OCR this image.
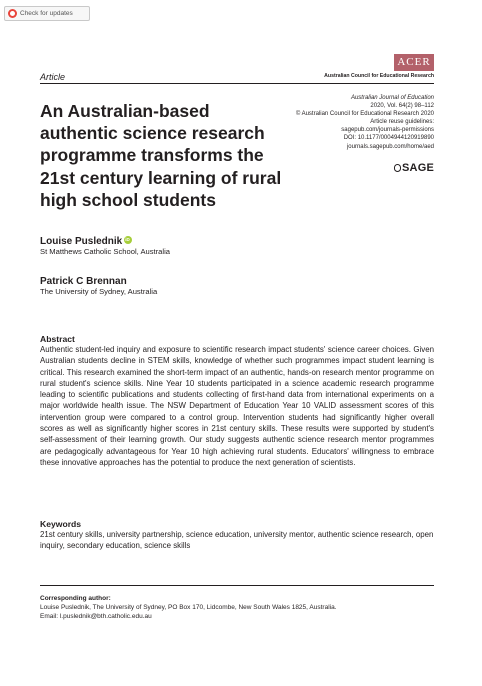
Check for updates
Article
ACER
Australian Council for Educational Research
An Australian-based authentic science research programme transforms the 21st century learning of rural high school students
Australian Journal of Education
2020, Vol. 64(2) 98–112
© Australian Council for Educational Research 2020
Article reuse guidelines:
sagepub.com/journals-permissions
DOI: 10.1177/0004944120919890
journals.sagepub.com/home/aed
SAGE
Louise PuslednikiD
St Matthews Catholic School, Australia
Patrick C Brennan
The University of Sydney, Australia
Abstract
Authentic student-led inquiry and exposure to scientific research impact students' science career choices. Given Australian students decline in STEM skills, knowledge of whether such programmes impact student learning is critical. This research examined the short-term impact of an authentic, hands-on research mentor programme on rural student's science skills. Nine Year 10 students participated in a science academic research programme leading to scientific publications and students collecting of first-hand data from international experiments on a major worldwide health issue. The NSW Department of Education Year 10 VALID assessment scores of this intervention group were compared to a control group. Intervention students had significantly higher overall scores as well as significantly higher scores in 21st century skills. These results were supported by student's self-assessment of their learning growth. Our study suggests authentic science research mentor programmes are pedagogically advantageous for Year 10 high achieving rural students. Educators' willingness to embrace these innovative approaches has the potential to produce the next generation of scientists.
Keywords
21st century skills, university partnership, science education, university mentor, authentic science research, open inquiry, secondary education, science skills
Corresponding author:
Louise Puslednik, The University of Sydney, PO Box 170, Lidcombe, New South Wales 1825, Australia.
Email: l.puslednik@bth.catholic.edu.au
